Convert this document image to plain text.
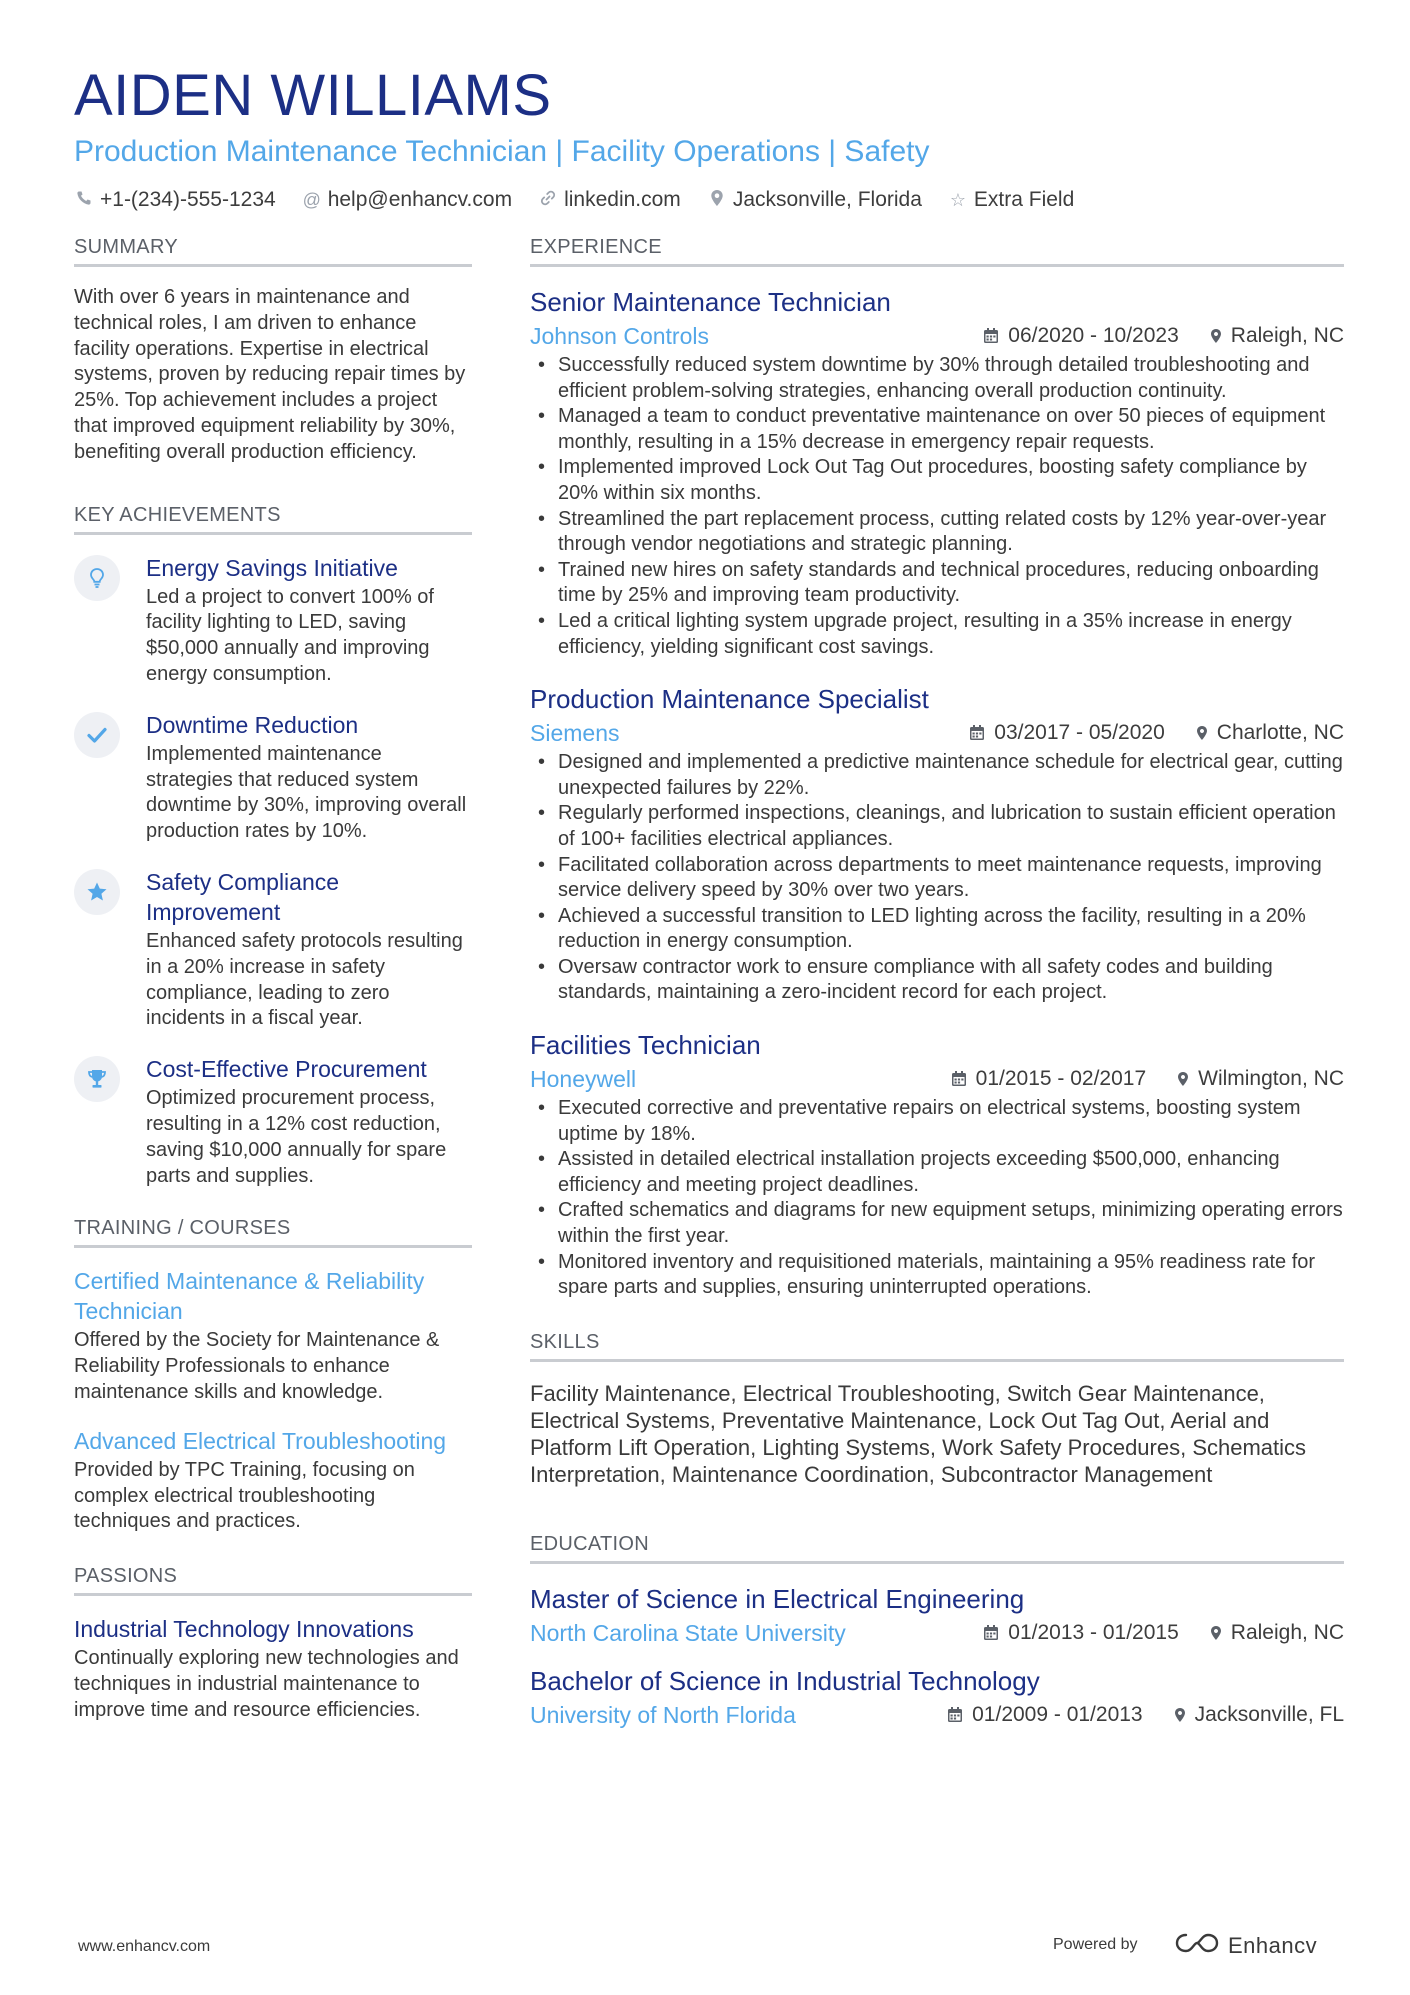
AIDEN WILLIAMS
Production Maintenance Technician | Facility Operations | Safety
+1-(234)-555-1234 @ help@enhancv.com linkedin.com Jacksonville, Florida ☆ Extra Field
SUMMARY
With over 6 years in maintenance and technical roles, I am driven to enhance facility operations. Expertise in electrical systems, proven by reducing repair times by 25%. Top achievement includes a project that improved equipment reliability by 30%, benefiting overall production efficiency.
KEY ACHIEVEMENTS
Energy Savings Initiative
Led a project to convert 100% of facility lighting to LED, saving $50,000 annually and improving energy consumption.
Downtime Reduction
Implemented maintenance strategies that reduced system downtime by 30%, improving overall production rates by 10%.
Safety Compliance Improvement
Enhanced safety protocols resulting in a 20% increase in safety compliance, leading to zero incidents in a fiscal year.
Cost-Effective Procurement
Optimized procurement process, resulting in a 12% cost reduction, saving $10,000 annually for spare parts and supplies.
TRAINING / COURSES
Certified Maintenance & Reliability Technician
Offered by the Society for Maintenance & Reliability Professionals to enhance maintenance skills and knowledge.
Advanced Electrical Troubleshooting
Provided by TPC Training, focusing on complex electrical troubleshooting techniques and practices.
PASSIONS
Industrial Technology Innovations
Continually exploring new technologies and techniques in industrial maintenance to improve time and resource efficiencies.
EXPERIENCE
Senior Maintenance Technician
Johnson Controls	06/2020 - 10/2023 Raleigh, NC
• Successfully reduced system downtime by 30% through detailed troubleshooting and efficient problem-solving strategies, enhancing overall production continuity.
• Managed a team to conduct preventative maintenance on over 50 pieces of equipment monthly, resulting in a 15% decrease in emergency repair requests.
• Implemented improved Lock Out Tag Out procedures, boosting safety compliance by 20% within six months.
• Streamlined the part replacement process, cutting related costs by 12% year-over-year through vendor negotiations and strategic planning.
• Trained new hires on safety standards and technical procedures, reducing onboarding time by 25% and improving team productivity.
• Led a critical lighting system upgrade project, resulting in a 35% increase in energy efficiency, yielding significant cost savings.
Production Maintenance Specialist
Siemens	03/2017 - 05/2020 Charlotte, NC
• Designed and implemented a predictive maintenance schedule for electrical gear, cutting unexpected failures by 22%.
• Regularly performed inspections, cleanings, and lubrication to sustain efficient operation of 100+ facilities electrical appliances.
• Facilitated collaboration across departments to meet maintenance requests, improving service delivery speed by 30% over two years.
• Achieved a successful transition to LED lighting across the facility, resulting in a 20% reduction in energy consumption.
• Oversaw contractor work to ensure compliance with all safety codes and building standards, maintaining a zero-incident record for each project.
Facilities Technician
Honeywell	01/2015 - 02/2017 Wilmington, NC
• Executed corrective and preventative repairs on electrical systems, boosting system uptime by 18%.
• Assisted in detailed electrical installation projects exceeding $500,000, enhancing efficiency and meeting project deadlines.
• Crafted schematics and diagrams for new equipment setups, minimizing operating errors within the first year.
• Monitored inventory and requisitioned materials, maintaining a 95% readiness rate for spare parts and supplies, ensuring uninterrupted operations.
SKILLS
Facility Maintenance, Electrical Troubleshooting, Switch Gear Maintenance, Electrical Systems, Preventative Maintenance, Lock Out Tag Out, Aerial and Platform Lift Operation, Lighting Systems, Work Safety Procedures, Schematics Interpretation, Maintenance Coordination, Subcontractor Management
EDUCATION
Master of Science in Electrical Engineering
North Carolina State University	01/2013 - 01/2015 Raleigh, NC
Bachelor of Science in Industrial Technology
University of North Florida	01/2009 - 01/2013 Jacksonville, FL
www.enhancv.com	Powered by	Enhancv
